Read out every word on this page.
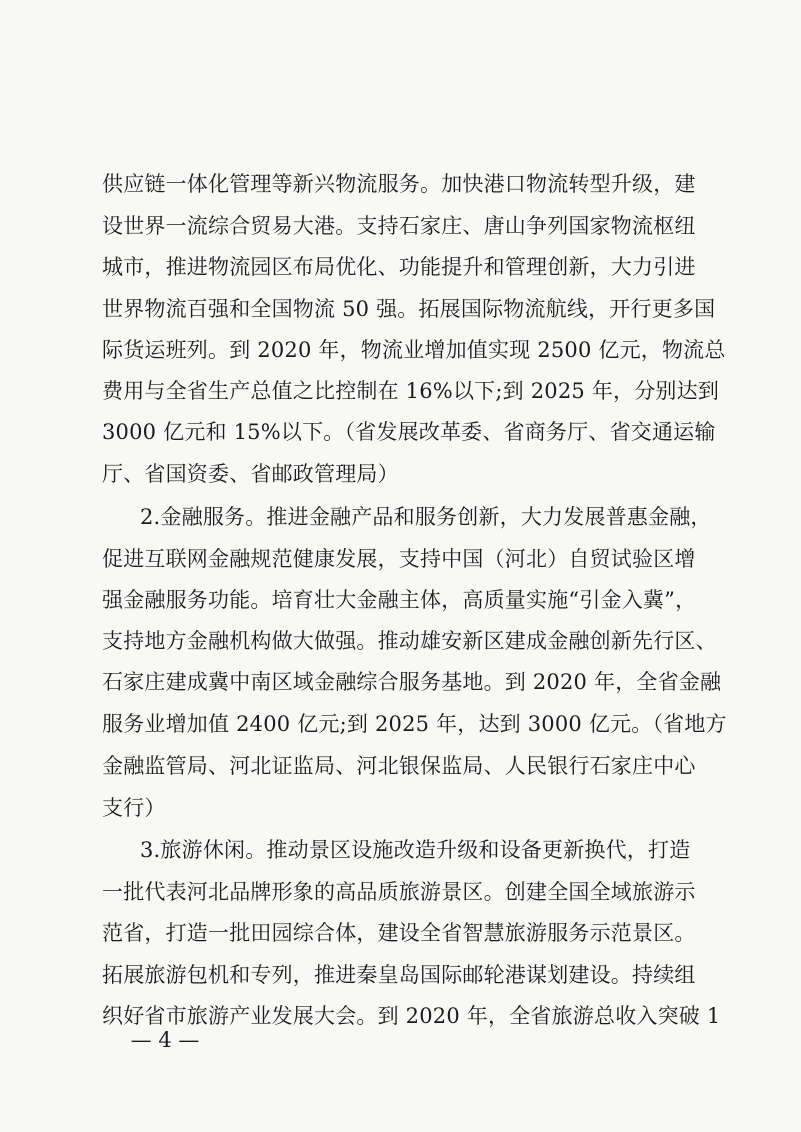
供应链一体化管理等新兴物流服务。加快港口物流转型升级，建
设世界一流综合贸易大港。支持石家庄、唐山争列国家物流枢纽
城市，推进物流园区布局优化、功能提升和管理创新，大力引进
世界物流百强和全国物流 50 强。拓展国际物流航线，开行更多国
际货运班列。到 2020 年，物流业增加值实现 2500 亿元，物流总
费用与全省生产总值之比控制在 16%以下;到 2025 年，分别达到
3000 亿元和 15%以下。（省发展改革委、省商务厅、省交通运输
厅、省国资委、省邮政管理局）
2.金融服务。推进金融产品和服务创新，大力发展普惠金融，
促进互联网金融规范健康发展，支持中国（河北）自贸试验区增
强金融服务功能。培育壮大金融主体，高质量实施“引金入冀”，
支持地方金融机构做大做强。推动雄安新区建成金融创新先行区、
石家庄建成冀中南区域金融综合服务基地。到 2020 年，全省金融
服务业增加值 2400 亿元;到 2025 年，达到 3000 亿元。（省地方
金融监管局、河北证监局、河北银保监局、人民银行石家庄中心
支行）
3.旅游休闲。推动景区设施改造升级和设备更新换代，打造
一批代表河北品牌形象的高品质旅游景区。创建全国全域旅游示
范省，打造一批田园综合体，建设全省智慧旅游服务示范景区。
拓展旅游包机和专列，推进秦皇岛国际邮轮港谋划建设。持续组
织好省市旅游产业发展大会。到 2020 年，全省旅游总收入突破 1
— 4 —
